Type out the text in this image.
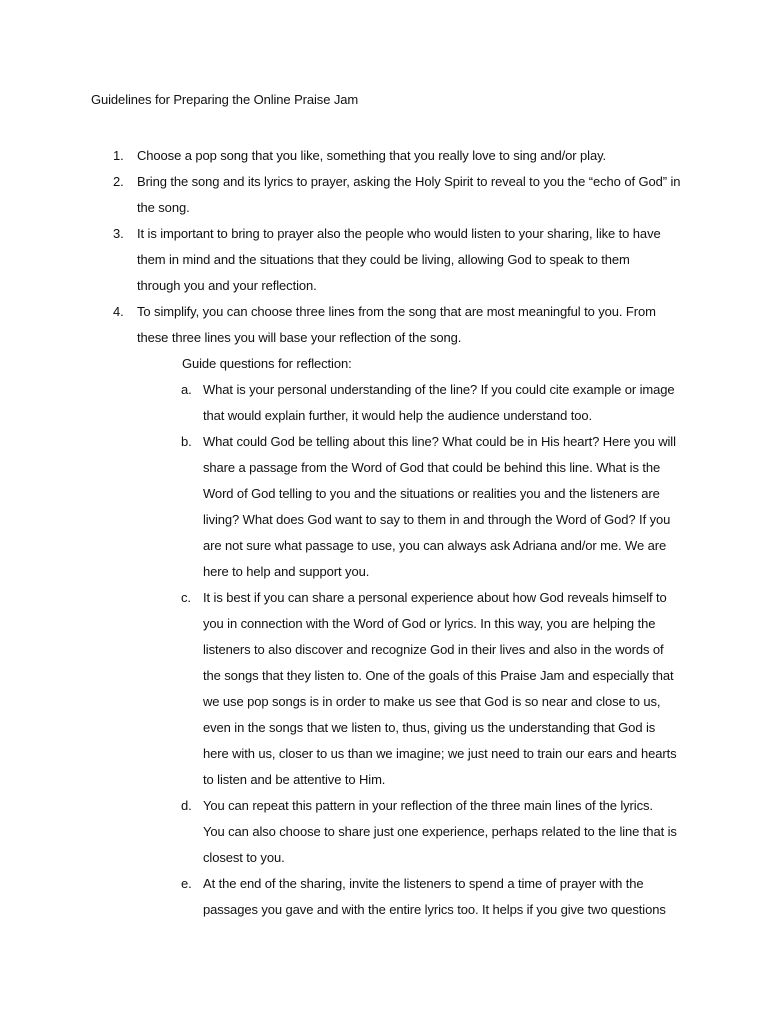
Guidelines for Preparing the Online Praise Jam
1. Choose a pop song that you like, something that you really love to sing and/or play.
2. Bring the song and its lyrics to prayer, asking the Holy Spirit to reveal to you the “echo of God” in
the song.
3. It is important to bring to prayer also the people who would listen to your sharing, like to have
them in mind and the situations that they could be living, allowing God to speak to them
through you and your reflection.
4. To simplify, you can choose three lines from the song that are most meaningful to you. From
these three lines you will base your reflection of the song.
Guide questions for reflection:
a. What is your personal understanding of the line? If you could cite example or image
that would explain further, it would help the audience understand too.
b. What could God be telling about this line? What could be in His heart? Here you will
share a passage from the Word of God that could be behind this line. What is the
Word of God telling to you and the situations or realities you and the listeners are
living? What does God want to say to them in and through the Word of God? If you
are not sure what passage to use, you can always ask Adriana and/or me. We are
here to help and support you.
c. It is best if you can share a personal experience about how God reveals himself to
you in connection with the Word of God or lyrics. In this way, you are helping the
listeners to also discover and recognize God in their lives and also in the words of
the songs that they listen to. One of the goals of this Praise Jam and especially that
we use pop songs is in order to make us see that God is so near and close to us,
even in the songs that we listen to, thus, giving us the understanding that God is
here with us, closer to us than we imagine; we just need to train our ears and hearts
to listen and be attentive to Him.
d. You can repeat this pattern in your reflection of the three main lines of the lyrics.
You can also choose to share just one experience, perhaps related to the line that is
closest to you.
e. At the end of the sharing, invite the listeners to spend a time of prayer with the
passages you gave and with the entire lyrics too. It helps if you give two questions
